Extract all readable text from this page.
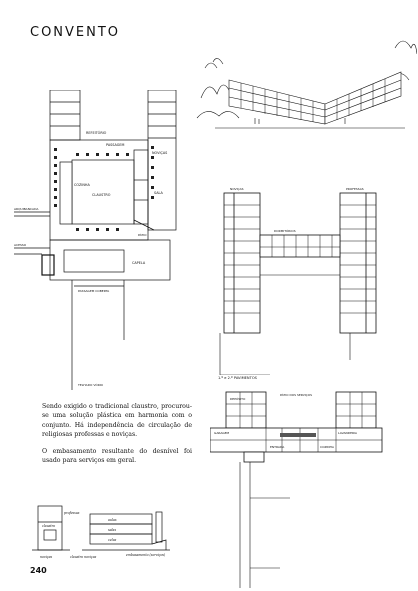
CONVENTO
REFEITÓRIO
PASSAGEM
NOVIÇAS
COZINHA
SALA
CAPELA
CLAUSTRO
ARQUIBANCADA
ACESSO
PÁTIO
PASSAGEM COBERTA
TELHADO VÓRIO
NOVIÇAS	PROFESSAS
DORMITÓRIOS
1.º e 2.º PAVIMENTOS
PÁTIO DOS SERVIÇOS
DEPÓSITO
LAVANDERIA
ENTRADA
GARAGEM
COZINHA
Sendo exigido o tradicional claustro, procurou-se uma solução plástica em harmonia com o conjunto. Há independência de circulação de religiosas professas e noviças.
O embasamento resultante do desnível foi usado para serviços em geral.
aulas
salas
celas
professas
noviças
claustro
claustro noviças	embasamento (serviços)
240
